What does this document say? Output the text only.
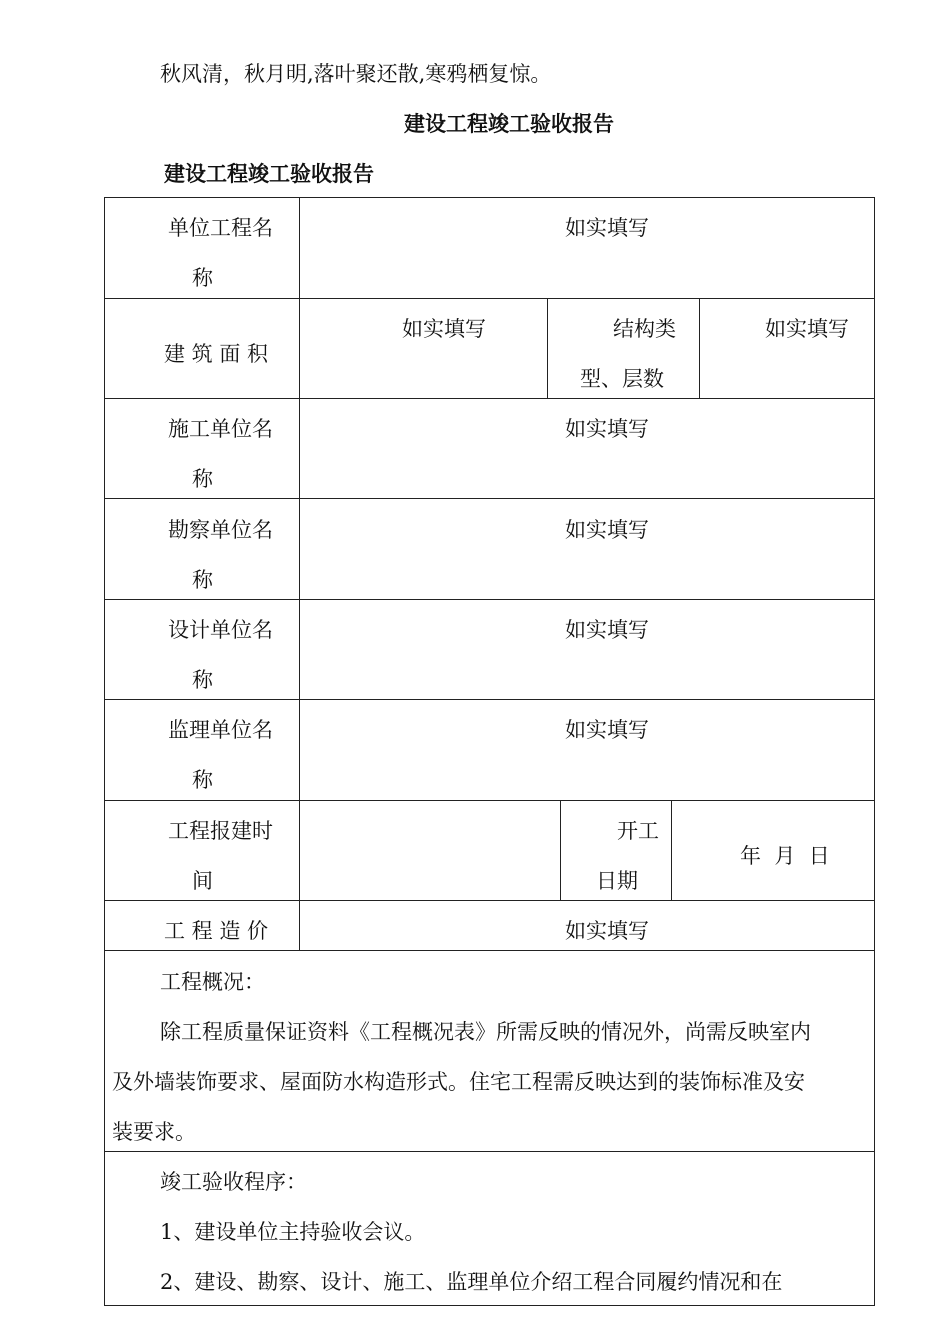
秋风清，秋月明,落叶聚还散,寒鸦栖复惊。
建设工程竣工验收报告
建设工程竣工验收报告
单位工程名
称
如实填写
建 筑 面 积
如实填写	结构类
型、层数
如实填写
施工单位名
称
如实填写
勘察单位名
称
如实填写
设计单位名
称
如实填写
监理单位名
称
如实填写
工程报建时
间
开工
日期
年  月  日
工 程 造 价	如实填写
工程概况：
除工程质量保证资料《工程概况表》所需反映的情况外，尚需反映室内
及外墙装饰要求、屋面防水构造形式。住宅工程需反映达到的装饰标准及安
装要求。
竣工验收程序：
1、建设单位主持验收会议。
2、建设、勘察、设计、施工、监理单位介绍工程合同履约情况和在
